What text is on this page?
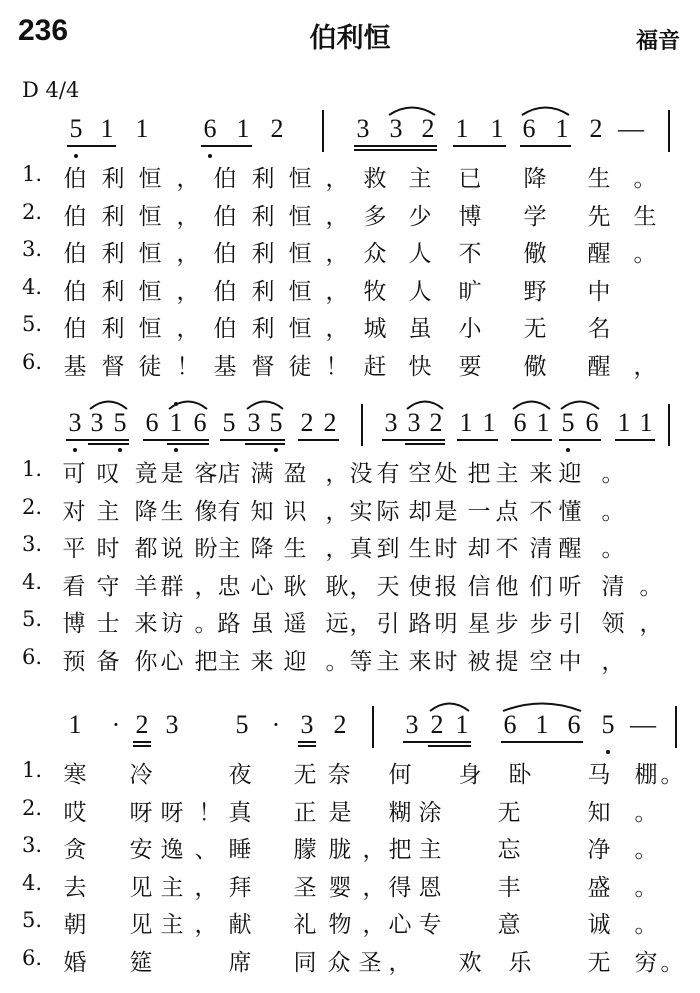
236	伯利恒	福音
D 4/4
5 1 1 6 1 2	3 3 2 1 1 6 1 2 —
1. 伯 利 恒 ， 伯 利 恒 ， 救 主 已 降 生 。
2. 伯 利 恒 ， 伯 利 恒 ， 多 少 博 学 先 生
3. 伯 利 恒 ， 伯 利 恒 ， 众 人 不 儆 醒 。
4. 伯 利 恒 ， 伯 利 恒 ， 牧 人 旷 野 中
5. 伯 利 恒 ， 伯 利 恒 ， 城 虽 小 无 名
6. 基 督 徒 ！ 基 督 徒 ！ 赶 快 要 儆 醒 ，
3 3 5 6 1 6 5 3 5 2 2 3 3 2 1 1 6 1 5 6 1 1
1. 可 叹 竟 是 客 店 满 盈 ， 没 有 空 处 把 主 来 迎 。
2. 对 主 降 生 像 有 知 识 ， 实 际 却 是 一 点 不 懂 。
3. 平 时 都 说 盼 主 降 生 ， 真 到 生 时 却 不 清 醒 。
4. 看 守 羊 群 ， 忠 心 耿 耿 ， 天 使 报 信 他 们 听 清 。
5. 博 士 来 访 。 路 虽 遥 远 ， 引 路 明 星 步 步 引 领 ，
6. 预 备 你 心 把 主 来 迎 。 等 主 来 时 被 提 空 中 ，
1 · 2 3 5 · 3 2 3 2 1 6 1 6 5 —
1. 寒 冷	夜 无 奈 何 身 卧 马 棚 。
2. 哎 呀 呀 ！ 真 正 是 糊 涂 无	知 。
3. 贪 安 逸 、 睡 朦 胧 ， 把 主 忘	净 。
4. 去 见 主 ， 拜 圣 婴 ， 得 恩 丰	盛 。
5. 朝 见 主 ， 献 礼 物 ， 心 专 意	诚 。
6. 婚 筵	席 同 众 圣 ， 欢 乐 无 穷 。
